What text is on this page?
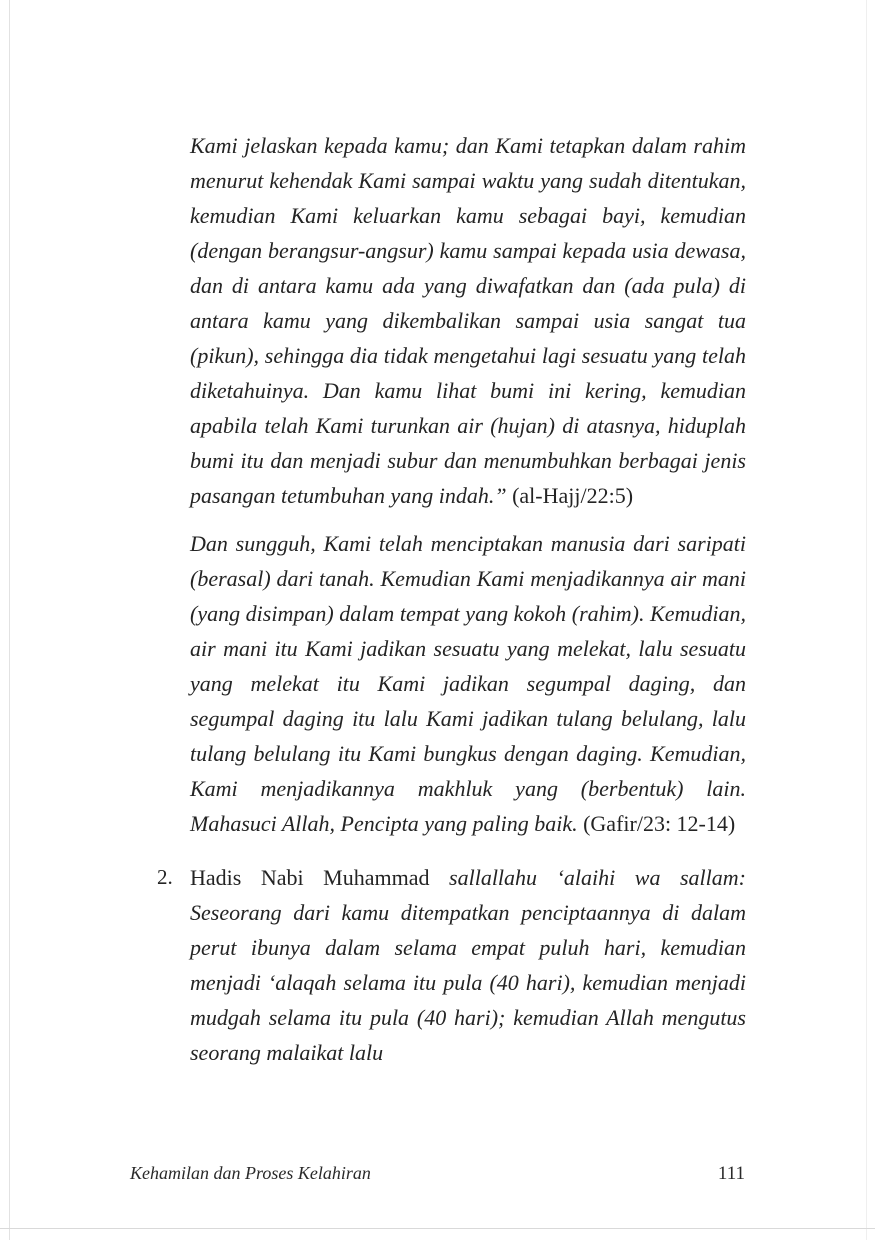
Kami jelaskan kepada kamu; dan Kami tetapkan dalam rahim menurut kehendak Kami sampai waktu yang sudah ditentukan, kemudian Kami keluarkan kamu sebagai bayi, kemudian (dengan berangsur-angsur) kamu sampai kepada usia dewasa, dan di antara kamu ada yang diwafatkan dan (ada pula) di antara kamu yang dikembalikan sampai usia sangat tua (pikun), sehingga dia tidak mengetahui lagi sesuatu yang telah diketahuinya. Dan kamu lihat bumi ini kering, kemudian apabila telah Kami turunkan air (hujan) di atasnya, hiduplah bumi itu dan menjadi subur dan menumbuhkan berbagai jenis pasangan tetumbuhan yang indah.” (al-Hajj/22:5)

Dan sungguh, Kami telah menciptakan manusia dari saripati (berasal) dari tanah. Kemudian Kami menjadikannya air mani (yang disimpan) dalam tempat yang kokoh (rahim). Kemudian, air mani itu Kami jadikan sesuatu yang melekat, lalu sesuatu yang melekat itu Kami jadikan segumpal daging, dan segumpal daging itu lalu Kami jadikan tulang belulang, lalu tulang belulang itu Kami bungkus dengan daging. Kemudian, Kami menjadikannya makhluk yang (berbentuk) lain. Mahasuci Allah, Pencipta yang paling baik. (Gafir/23: 12-14)

2. Hadis Nabi Muhammad sallallahu ‘alaihi wa sallam: Seseorang dari kamu ditempatkan penciptaannya di dalam perut ibunya dalam selama empat puluh hari, kemudian menjadi ‘alaqah selama itu pula (40 hari), kemudian menjadi mudgah selama itu pula (40 hari); kemudian Allah mengutus seorang malaikat lalu

Kehamilan dan Proses Kelahiran	111
